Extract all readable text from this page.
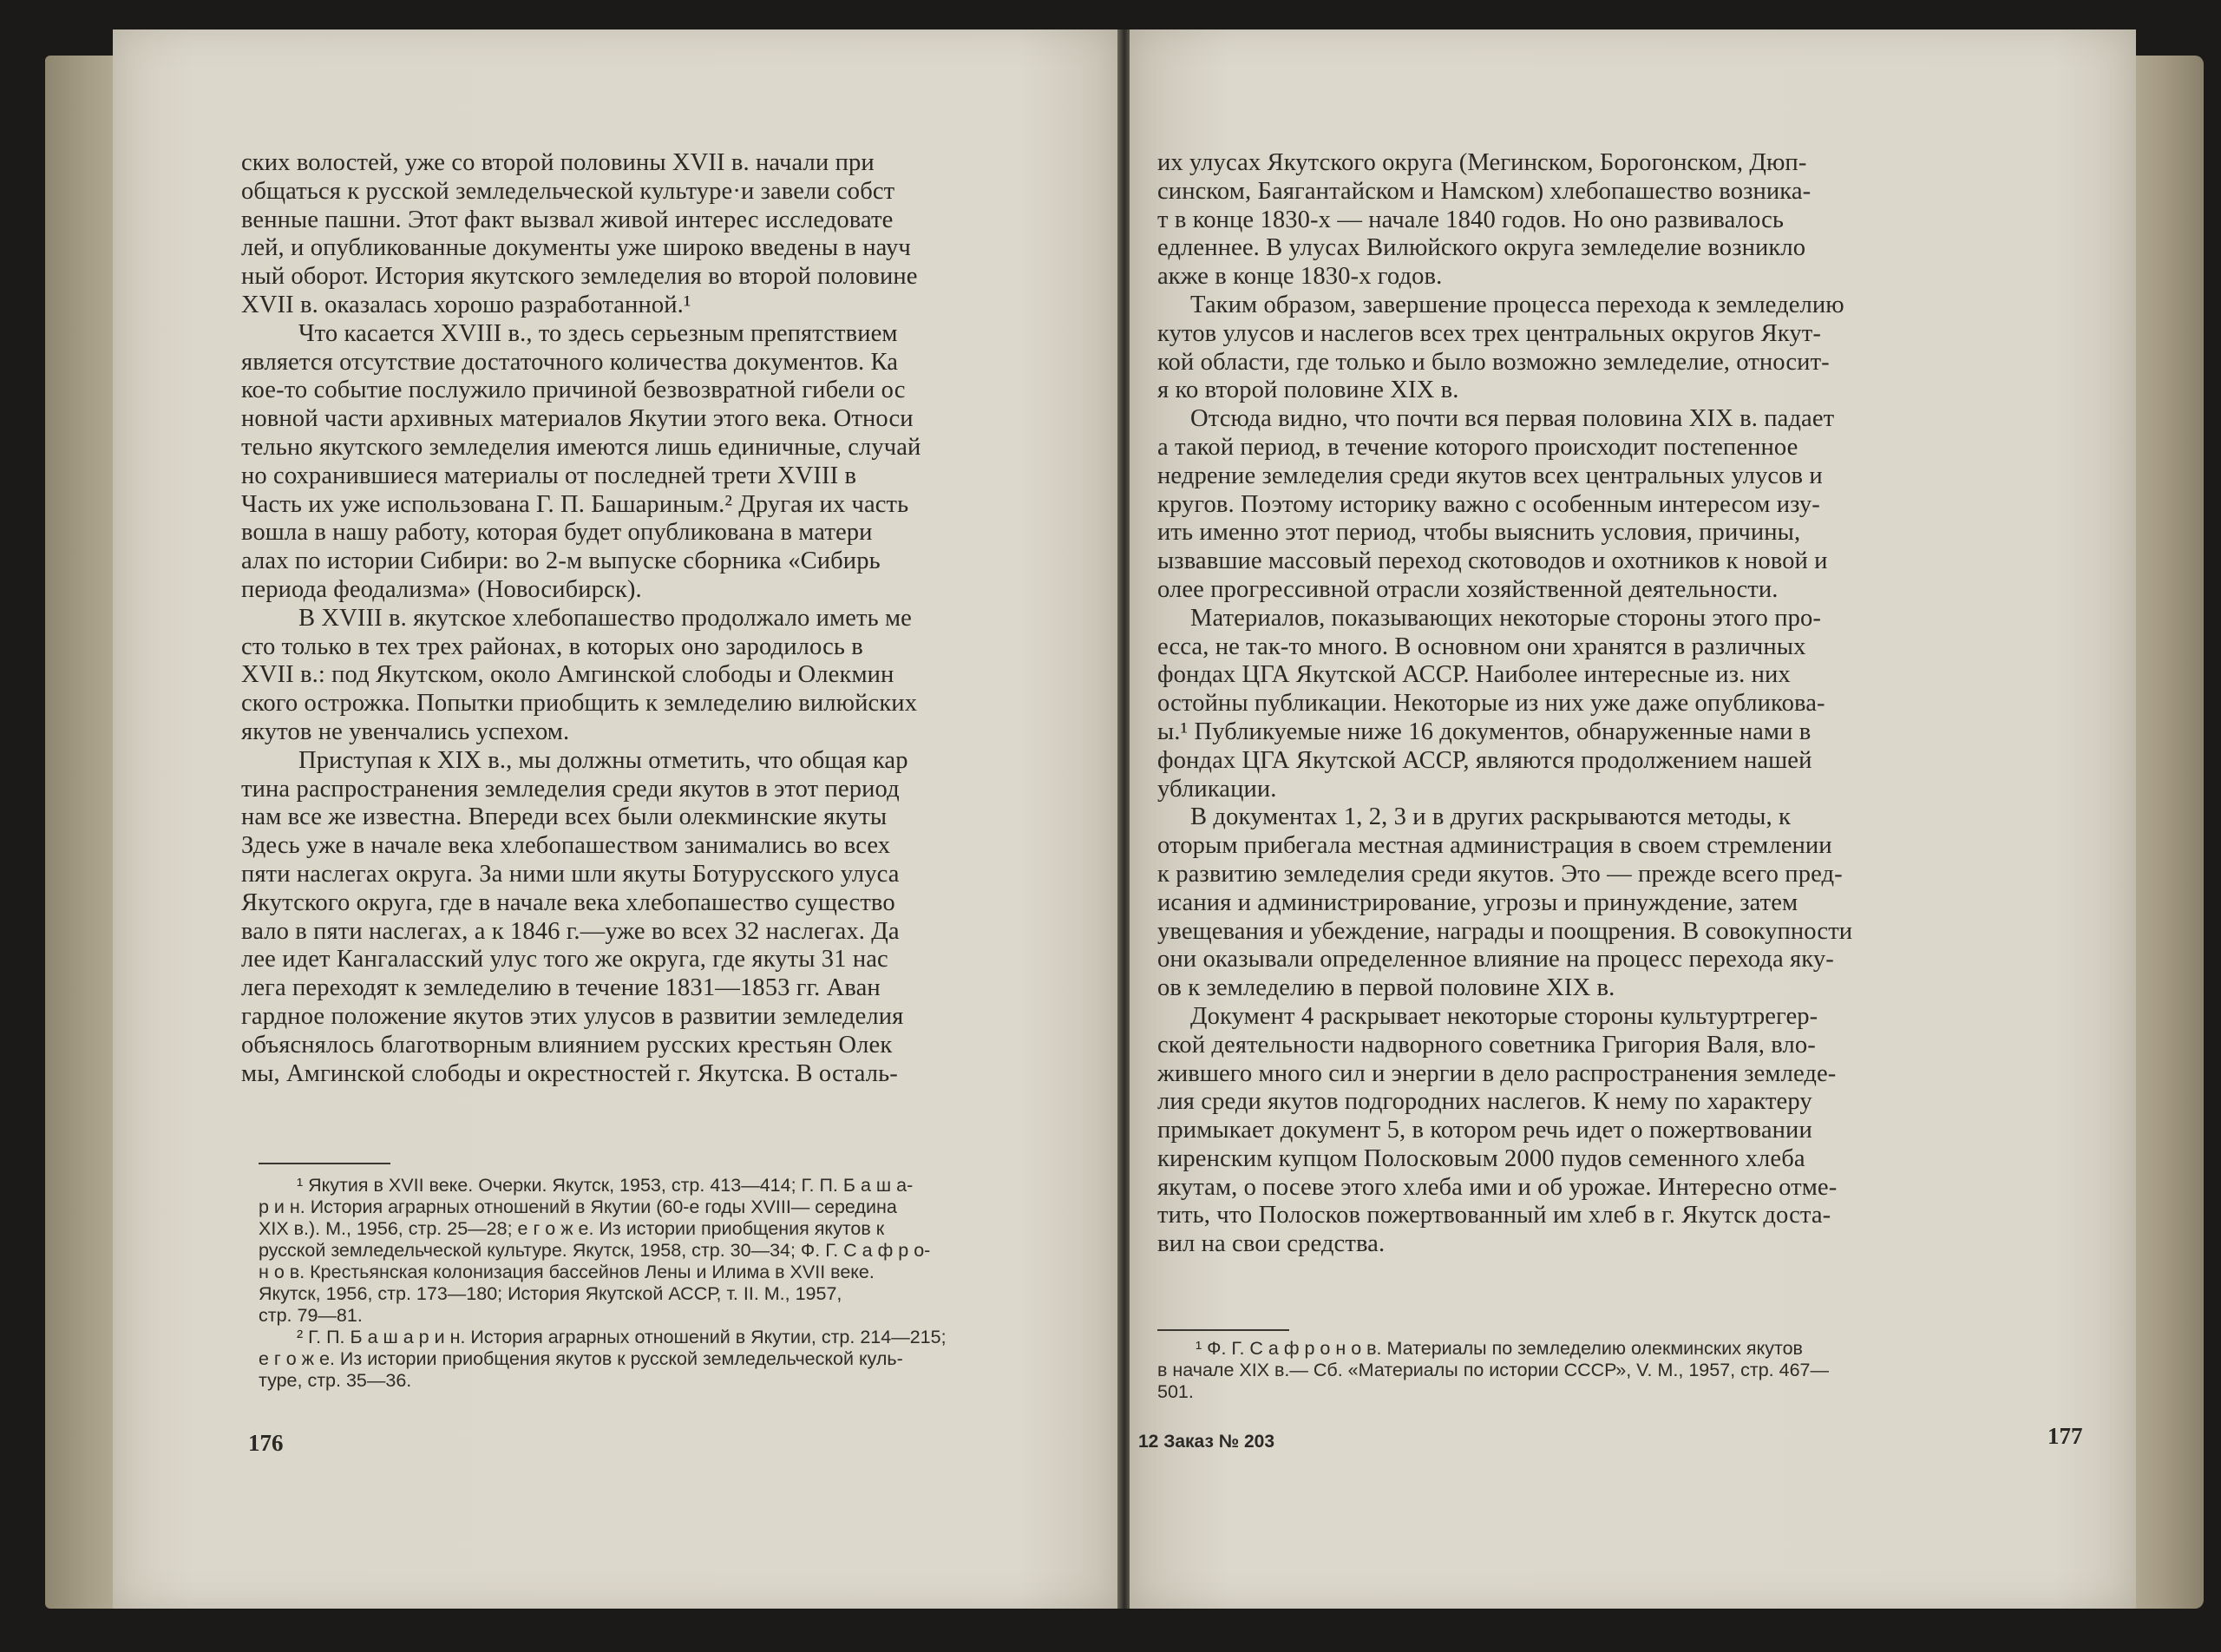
ских волостей, уже со второй половины XVII в. начали при
общаться к русской земледельческой культуре·и завели собст
венные пашни. Этот факт вызвал живой интерес исследовате
лей, и опубликованные документы уже широко введены в науч
ный оборот. История якутского земледелия во второй половине
XVII в. оказалась хорошо разработанной.¹
Что касается XVIII в., то здесь серьезным препятствием
является отсутствие достаточного количества документов. Ка
кое-то событие послужило причиной безвозвратной гибели ос
новной части архивных материалов Якутии этого века. Относи
тельно якутского земледелия имеются лишь единичные, случай
но сохранившиеся материалы от последней трети XVIII в
Часть их уже использована Г. П. Башариным.² Другая их часть
вошла в нашу работу, которая будет опубликована в матери
алах по истории Сибири: во 2-м выпуске сборника «Сибирь
периода феодализма» (Новосибирск).
В XVIII в. якутское хлебопашество продолжало иметь ме
сто только в тех трех районах, в которых оно зародилось в
XVII в.: под Якутском, около Амгинской слободы и Олекмин
ского острожка. Попытки приобщить к земледелию вилюйских
якутов не увенчались успехом.
Приступая к XIX в., мы должны отметить, что общая кар
тина распространения земледелия среди якутов в этот период
нам все же известна. Впереди всех были олекминские якуты
Здесь уже в начале века хлебопашеством занимались во всех
пяти наслегах округа. За ними шли якуты Ботурусского улуса
Якутского округа, где в начале века хлебопашество существо
вало в пяти наслегах, а к 1846 г.—уже во всех 32 наслегах. Да
лее идет Кангаласский улус того же округа, где якуты 31 нас
лега переходят к земледелию в течение 1831—1853 гг. Аван
гардное положение якутов этих улусов в развитии земледелия
объяснялось благотворным влиянием русских крестьян Олек
мы, Амгинской слободы и окрестностей г. Якутска. В осталь-
¹ Якутия в XVII веке. Очерки. Якутск, 1953, стр. 413—414; Г. П. Б а ш а-
р и н. История аграрных отношений в Якутии (60-е годы XVIII— середина
XIX в.). М., 1956, стр. 25—28; е г о ж е. Из истории приобщения якутов к
русской земледельческой культуре. Якутск, 1958, стр. 30—34; Ф. Г. С а ф р о-
н о в. Крестьянская колонизация бассейнов Лены и Илима в XVII веке.
Якутск, 1956, стр. 173—180; История Якутской АССР, т. II. М., 1957,
стр. 79—81.
² Г. П. Б а ш а р и н. История аграрных отношений в Якутии, стр. 214—215;
е г о ж е. Из истории приобщения якутов к русской земледельческой куль-
туре, стр. 35—36.
176
их улусах Якутского округа (Мегинском, Борогонском, Дюп-
синском, Баягантайском и Намском) хлебопашество возника-
т в конце 1830-х — начале 1840 годов. Но оно развивалось
едленнее. В улусах Вилюйского округа земледелие возникло
акже в конце 1830-х годов.
Таким образом, завершение процесса перехода к земледелию
кутов улусов и наслегов всех трех центральных округов Якут-
кой области, где только и было возможно земледелие, относит-
я ко второй половине XIX в.
Отсюда видно, что почти вся первая половина XIX в. падает
а такой период, в течение которого происходит постепенное
недрение земледелия среди якутов всех центральных улусов и
кругов. Поэтому историку важно с особенным интересом изу-
ить именно этот период, чтобы выяснить условия, причины,
ызвавшие массовый переход скотоводов и охотников к новой и
олее прогрессивной отрасли хозяйственной деятельности.
Материалов, показывающих некоторые стороны этого про-
есса, не так-то много. В основном они хранятся в различных
фондах ЦГА Якутской АССР. Наиболее интересные из. них
остойны публикации. Некоторые из них уже даже опубликова-
ы.¹ Публикуемые ниже 16 документов, обнаруженные нами в
фондах ЦГА Якутской АССР, являются продолжением нашей
убликации.
В документах 1, 2, 3 и в других раскрываются методы, к
оторым прибегала местная администрация в своем стремлении
к развитию земледелия среди якутов. Это — прежде всего пред-
исания и администрирование, угрозы и принуждение, затем
увещевания и убеждение, награды и поощрения. В совокупности
они оказывали определенное влияние на процесс перехода яку-
ов к земледелию в первой половине XIX в.
Документ 4 раскрывает некоторые стороны культуртрегер-
ской деятельности надворного советника Григория Валя, вло-
жившего много сил и энергии в дело распространения земледе-
лия среди якутов подгородних наслегов. К нему по характеру
примыкает документ 5, в котором речь идет о пожертвовании
киренским купцом Полосковым 2000 пудов семенного хлеба
якутам, о посеве этого хлеба ими и об урожае. Интересно отме-
тить, что Полосков пожертвованный им хлеб в г. Якутск доста-
вил на свои средства.
¹ Ф. Г. С а ф р о н о в. Материалы по земледелию олекминских якутов
в начале XIX в.— Сб. «Материалы по истории СССР», V. М., 1957, стр. 467—
501.
12 Заказ № 203	177
